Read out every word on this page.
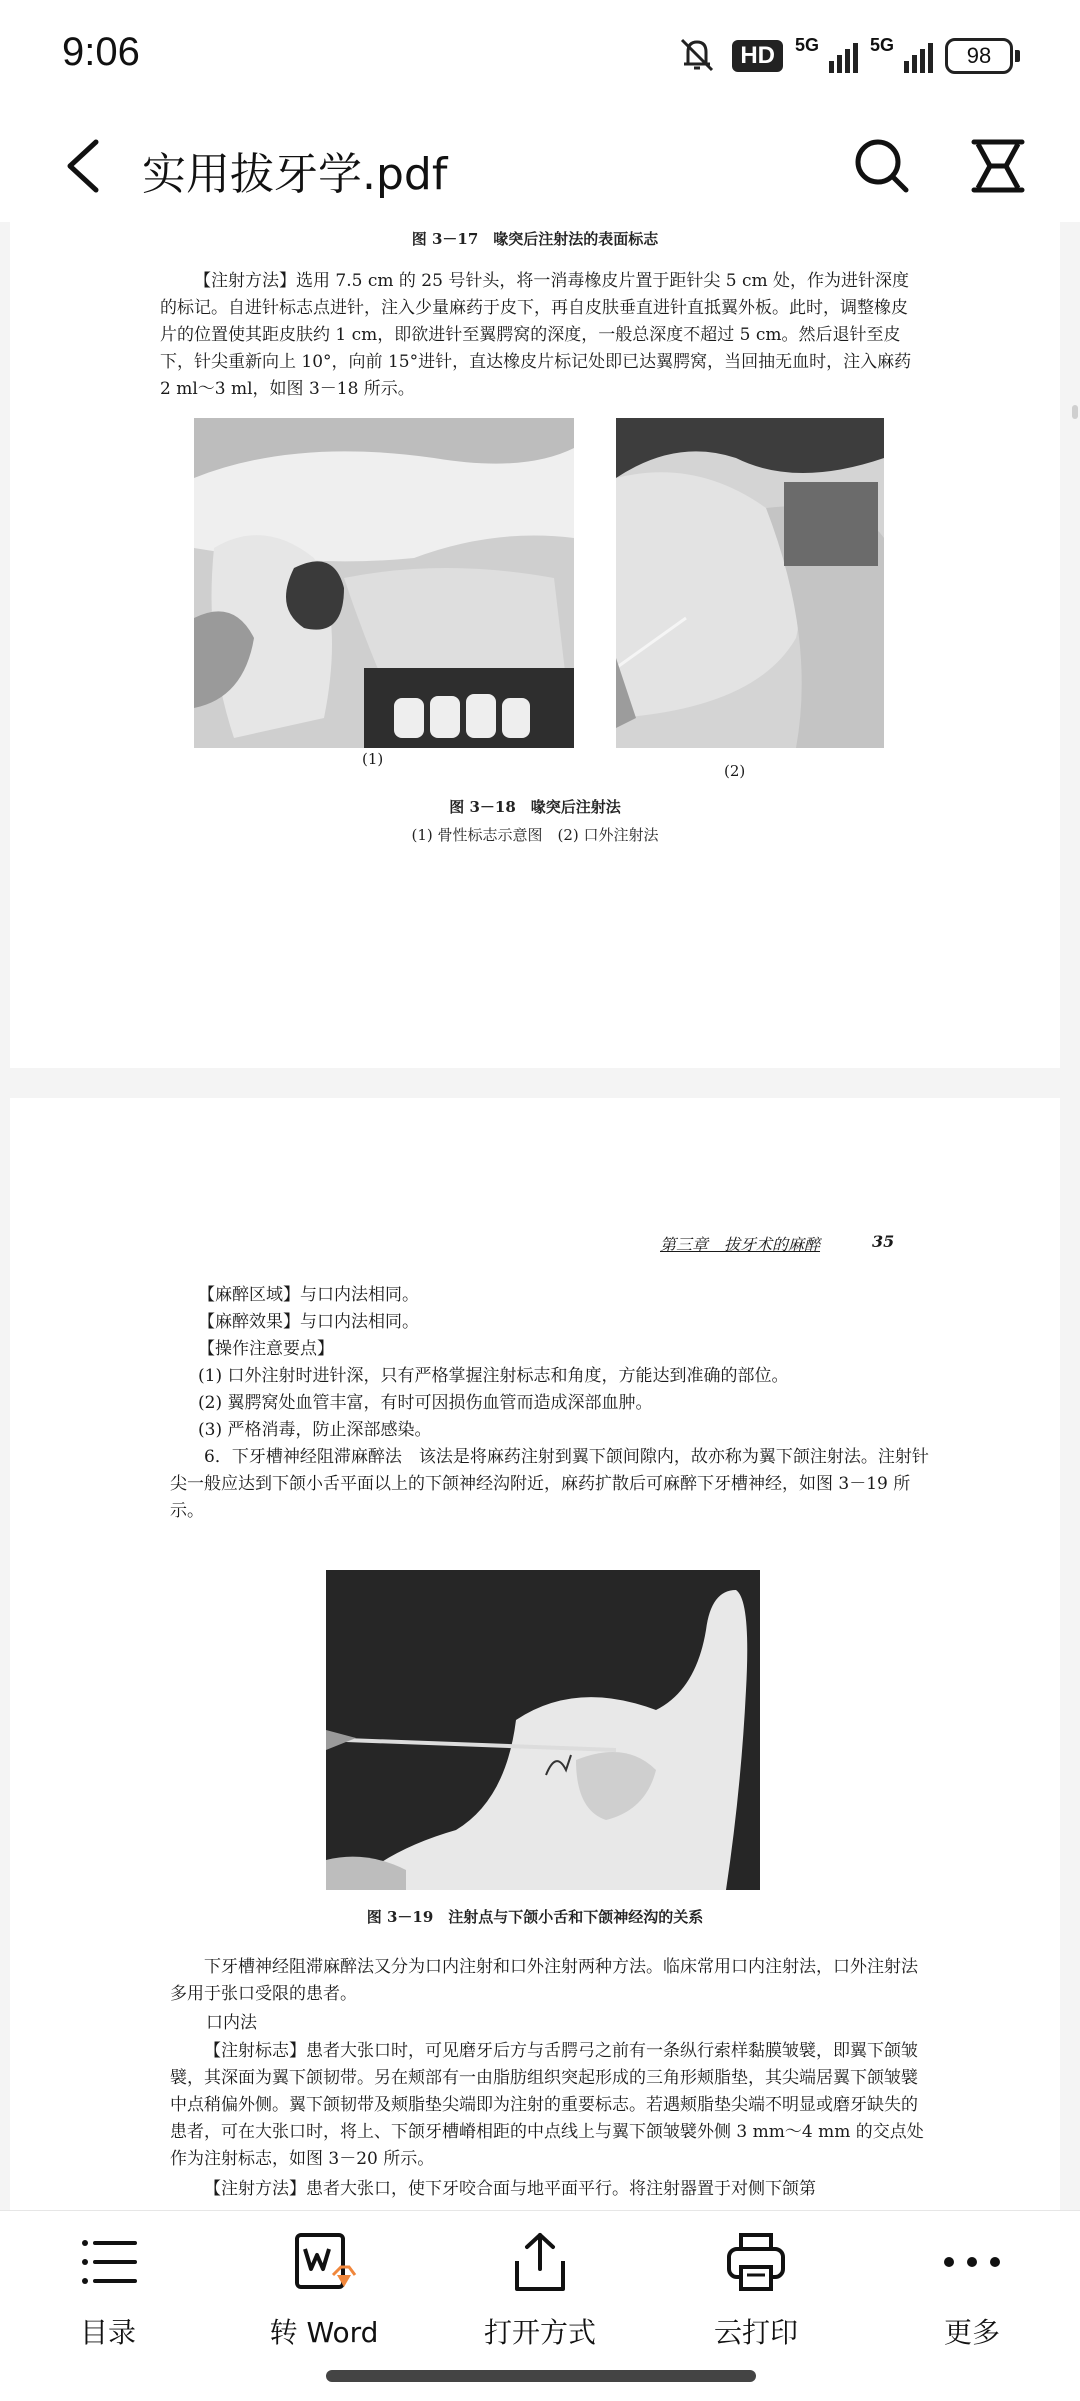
9:06	HD	5G	5G	98
实用拔牙学.pdf
图 3－17　喙突后注射法的表面标志
【注射方法】选用 7.5 cm 的 25 号针头，将一消毒橡皮片置于距针尖 5 cm 处，作为进针深度的标记。自进针标志点进针，注入少量麻药于皮下，再自皮肤垂直进针直抵翼外板。此时，调整橡皮片的位置使其距皮肤约 1 cm，即欲进针至翼腭窝的深度，一般总深度不超过 5 cm。然后退针至皮下，针尖重新向上 10°，向前 15°进针，直达橡皮片标记处即已达翼腭窝，当回抽无血时，注入麻药 2 ml～3 ml，如图 3－18 所示。
(1)
(2)
图 3－18　喙突后注射法
(1) 骨性标志示意图　(2) 口外注射法
第三章　拔牙术的麻醉	35

【麻醉区域】与口内法相同。

【麻醉效果】与口内法相同。

【操作注意要点】

(1) 口外注射时进针深，只有严格掌握注射标志和角度，方能达到准确的部位。

(2) 翼腭窝处血管丰富，有时可因损伤血管而造成深部血肿。

(3) 严格消毒，防止深部感染。

6．下牙槽神经阻滞麻醉法　该法是将麻药注射到翼下颌间隙内，故亦称为翼下颌注射法。注射针尖一般应达到下颌小舌平面以上的下颌神经沟附近，麻药扩散后可麻醉下牙槽神经，如图 3－19 所示。
图 3－19　注射点与下颌小舌和下颌神经沟的关系
下牙槽神经阻滞麻醉法又分为口内注射和口外注射两种方法。临床常用口内注射法，口外注射法多用于张口受限的患者。
口内法
【注射标志】患者大张口时，可见磨牙后方与舌腭弓之前有一条纵行索样黏膜皱襞，即翼下颌皱襞，其深面为翼下颌韧带。另在颊部有一由脂肪组织突起形成的三角形颊脂垫，其尖端居翼下颌皱襞中点稍偏外侧。翼下颌韧带及颊脂垫尖端即为注射的重要标志。若遇颊脂垫尖端不明显或磨牙缺失的患者，可在大张口时，将上、下颌牙槽嵴相距的中点线上与翼下颌皱襞外侧 3 mm～4 mm 的交点处作为注射标志，如图 3－20 所示。
【注射方法】患者大张口，使下牙咬合面与地平面平行。将注射器置于对侧下颌第
目录	转 Word	打开方式	云打印	更多
